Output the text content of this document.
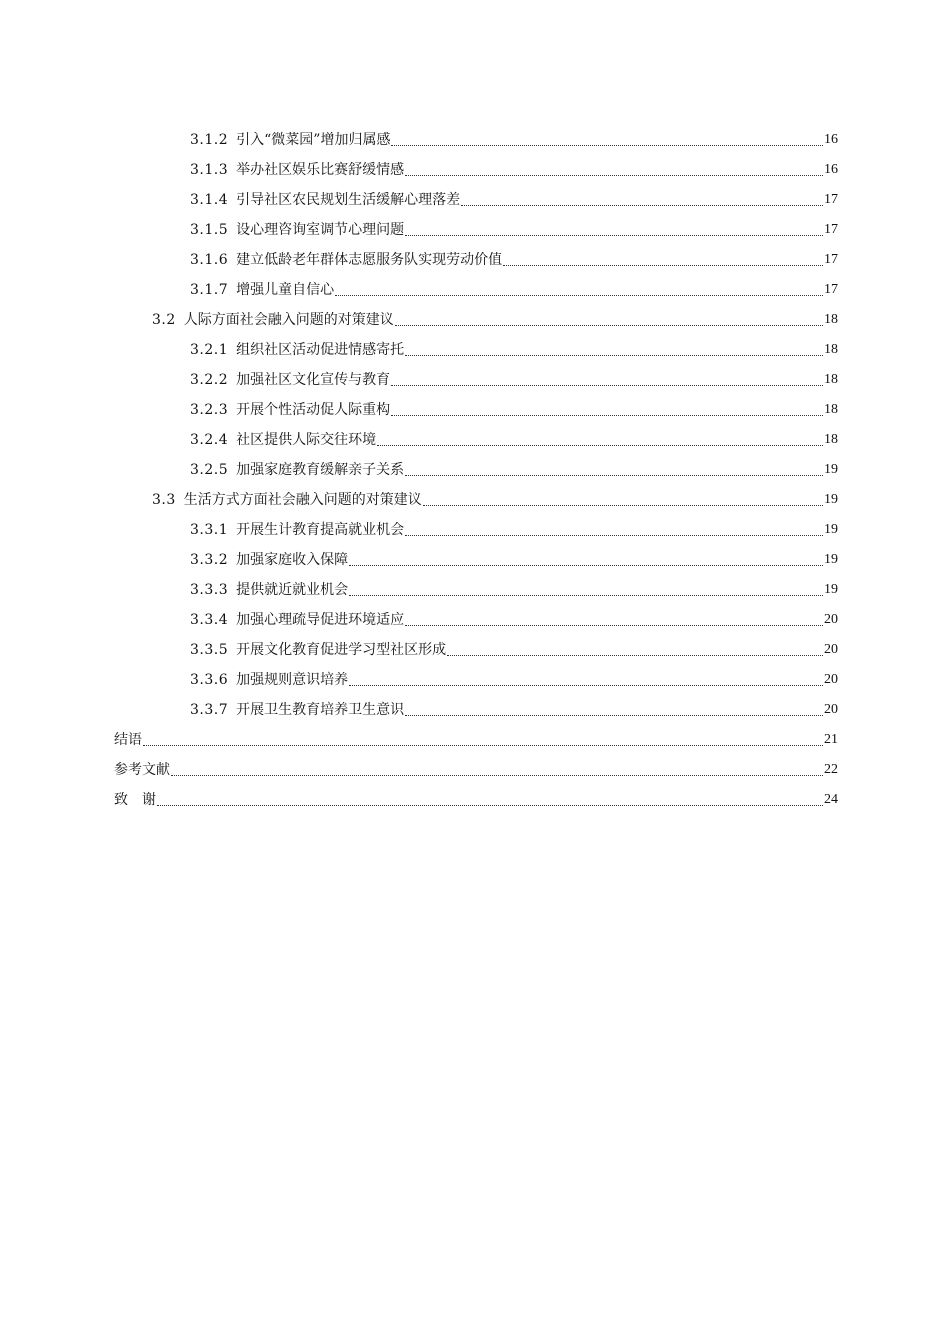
3.1.2 引入“微菜园”增加归属感	16
3.1.3 举办社区娱乐比赛舒缓情感	16
3.1.4 引导社区农民规划生活缓解心理落差	17
3.1.5 设心理咨询室调节心理问题	17
3.1.6 建立低龄老年群体志愿服务队实现劳动价值	17
3.1.7 增强儿童自信心	17
3.2 人际方面社会融入问题的对策建议	18
3.2.1 组织社区活动促进情感寄托	18
3.2.2 加强社区文化宣传与教育	18
3.2.3 开展个性活动促人际重构	18
3.2.4 社区提供人际交往环境	18
3.2.5 加强家庭教育缓解亲子关系	19
3.3 生活方式方面社会融入问题的对策建议	19
3.3.1 开展生计教育提高就业机会	19
3.3.2 加强家庭收入保障	19
3.3.3 提供就近就业机会	19
3.3.4 加强心理疏导促进环境适应	20
3.3.5 开展文化教育促进学习型社区形成	20
3.3.6 加强规则意识培养	20
3.3.7 开展卫生教育培养卫生意识	20
结语	21
参考文献	22
致　谢	24
